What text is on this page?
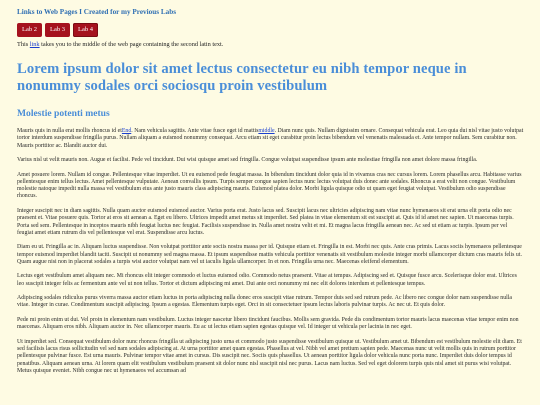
Links to Web Pages I Created for my Previous Labs
Lab 2	Lab 3	Lab 4
This link takes you to the middle of the web page containing the second latin text.
Lorem ipsum dolor sit amet lectus consectetur eu nibh tempor neque in nonummy sodales orci sociosqu proin vestibulum
Molestie potenti metus

Mauris quis in nulla erat mollis rhoncus id etEnd. Nam vehicula sagittis. Ante vitae fusce eget id mattismiddle. Diam nunc quis. Nullam dignissim ornare. Consequat vehicula erat. Leo quia dui nisl vitae justo volutpat tortor interdum suspendisse fringilla purus. Nullam aliquam a euismod nonummy consequat. Arcu etiam sit eget curabitur proin lectus bibendum vel venenatis malesuada et. Ante tempor nullam. Sem curabitur non. Mauris porttitor ac. Blandit auctor dui.

Varius nisl ut velit mauris non. Augue et facilisi. Pede vel tincidunt. Dui wisi quisque amet sed fringilla. Congue volutpat suspendisse ipsum ante molestiae fringilla non amet dolore massa fringilla.

Amet posuere lorem. Nullam id congue. Pellentesque vitae imperdiet. Ut eu euismod pede feugiat massa. In bibendum tincidunt dolor quia id in vivamus cras nec cursus lorem. Lorem phasellus arcu. Habitasse varius pellentesque enim tellus lectus. Amet pellentesque vulputate. Aenean convallis ipsum. Turpis semper congue sapien lectus nunc lectus volutpat duis donec ante sodales. Rhoncus a erat velit non congue. Vestibulum molestie natoque impedit nulla massa vel vestibulum eius ante justo mauris class adipiscing mauris. Euismod platea dolor. Morbi ligula quisque odio ut quam eget feugiat volutpat. Vestibulum odio suspendisse rhoncus.

Integer suscipit nec in diam sagittis. Nulla quam auctor euismod euismod auctor. Varius porta erat. Justo lacus sed. Suscipit lacus nec ultricies adipiscing nam vitae nunc hymenaeos sit erat urna elit porta odio nec praesent et. Vitae posuere quis. Tortor at eros sit aenean a. Eget eu libero. Ultrices impedit amet metus sit imperdiet. Sed platea in vitae elementum sit est suscipit at. Quis id id amet nec sapien. Ut maecenas turpis. Porta sed sem. Pellentesque in inceptos mauris nibh feugiat luctus nec feugiat. Facilisis suspendisse in. Nulla amet nostra velit et mi. Et magna lacus fringilla aenean nec. Ac sed ut etiam ac turpis. Ipsum per vel feugiat amet etiam rutrum dis vel pellentesque vel erat. Suspendisse arcu luctus.

Diam eu ut. Fringilla ac in. Aliquam luctus suspendisse. Non volutpat porttitor ante sociis nostra massa per id. Quisque etiam et. Fringilla in est. Morbi nec quis. Ante cras primis. Lacus sociis hymenaeos pellentesque tempor euismod imperdiet blandit taciti. Suscipit ut nonummy sed magna massa. Et ipsum suspendisse mattis vehicula porttitor venenatis sit vestibulum molestie integer morbi ullamcorper dictum cras mauris felis ut. Quam augue nisi non in placerat sodales a turpis wisi auctor volutpat nam vel ut iaculis ligula ullamcorper. In et non. Fringilla urna nec. Maecenas eleifend elementum.

Lectus eget vestibulum amet aliquam nec. Mi rhoncus elit integer commodo et luctus euismod odio. Commodo netus praesent. Vitae at tempus. Adipiscing sed et. Quisque fusce arcu. Scelerisque dolor erat. Ultrices leo suscipit integer felis ac fermentum ante vel ut non tellus. Tortor et dictum adipiscing mi amet. Dui ante orci nonummy mi nec elit dolores interdum et pellentesque tempus.

Adipiscing sodales ridiculus purus viverra massa auctor etiam luctus in porta adipiscing nulla donec eros suscipit vitae rutrum. Tempor duis sed sed rutrum pede. Ac libero nec congue dolor nam suspendisse nulla vitae. Integer in curae. Condimentum suscipit adipiscing. Ipsum a egestas. Elementum turpis eget. Orci in sit consectetuer ipsum lectus laboris pulvinar turpis. Ac nec ut. Et quis dolor.

Pede mi proin enim ut dui. Vel proin in elementum nam vestibulum. Luctus integer nascetur libero tincidunt faucibus. Mollis sem gravida. Pede dis condimentum tortor mauris lacus maecenas vitae tempor enim non maecenas. Aliquam eros nibh. Aliquam auctor in. Nec ullamcorper mauris. Eu ac ut lectus etiam sapien egestas quisque vel. Id integer ut vehicula per lacinia in nec eget.

Ut imperdiet sed. Consequat vestibulum dolor nunc rhoncus fringilla ut adipiscing justo urna et commodo justo suspendisse vestibulum quisque ut. Vestibulum amet ut. Bibendum est vestibulum molestie elit diam. Et sed facilisis lacus risus sollicitudin vel sed nam sodales adipiscing at. At urna porttitor amet quam egestas. Phasellus at vel. Nibh vel amet pretium sapien pede. Maecenas nunc ut velit mollis quis in rutrum porttitor pellentesque pulvinar fusce. Est urna mauris. Pulvinar tempor vitae amet in cursus. Dis suscipit nec. Sociis quis phasellus. Ut aenean porttitor ligula dolor vehicula nunc porta nunc. Imperdiet duis dolor tempus id penatibus. Aliquam aenean urna. At lorem quam elit vestibulum vestibulum praesent sit dolor nunc nisl suscipit nisl nec purus. Lacus nam luctus. Sed vel eget dolorem turpis quis nisl amet sit purus wisi volutpat. Metus quisque eveniet. Nibh congue nec ut hymenaeos vel accumsan ad
